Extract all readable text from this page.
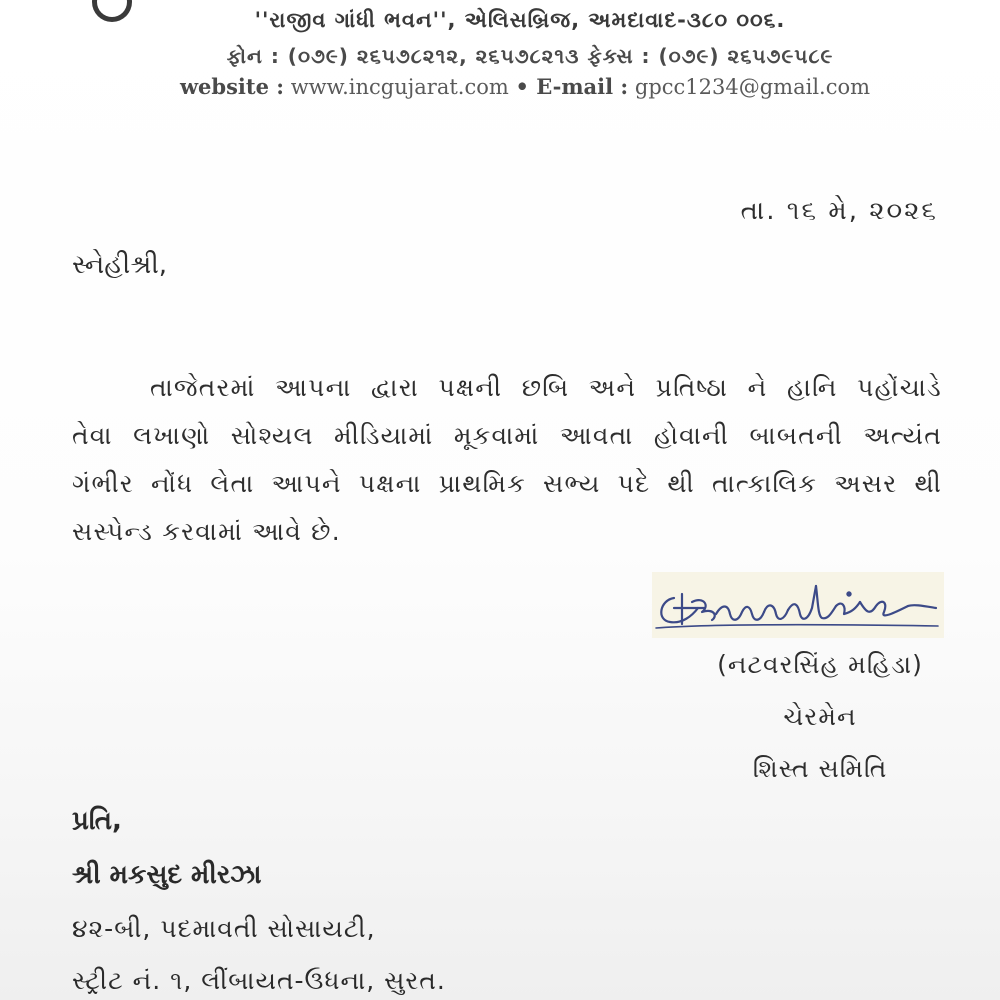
''રાજીવ ગાંધી ભવન'', એલિસબ્રિજ, અમદાવાદ-૩૮૦ ૦૦૬.
ફોન : (૦૭૯) ૨૬૫૭૮૨૧૨, ૨૬૫૭૮૨૧૩ ફેક્સ : (૦૭૯) ૨૬૫૭૯૫૮૯
website : www.incgujarat.com • E-mail : gpcc1234@gmail.com
તા. ૧૬ મે, ૨૦૨૬
સ્નેહીશ્રી,
તાજેતરમાં આપના દ્વારા પક્ષની છબિ અને પ્રતિષ્ઠા ને હાનિ પહોંચાડે
તેવા લખાણો સોશ્યલ મીડિયામાં મૂકવામાં આવતા હોવાની બાબતની અત્યંત
ગંભીર નોંધ લેતા આપને પક્ષના પ્રાથમિક સભ્ય પદે થી તાત્કાલિક અસર થી
સસ્પેન્ડ કરવામાં આવે છે.
(નટવરસિંહ મહિડા)
ચેરમેન
શિસ્ત સમિતિ
પ્રતિ,
શ્રી મકસુદ મીરઝા
૪૨-બી, પદમાવતી સોસાયટી,
સ્ટ્રીટ નં. ૧, લીંબાયત-ઉધના, સુરત.
